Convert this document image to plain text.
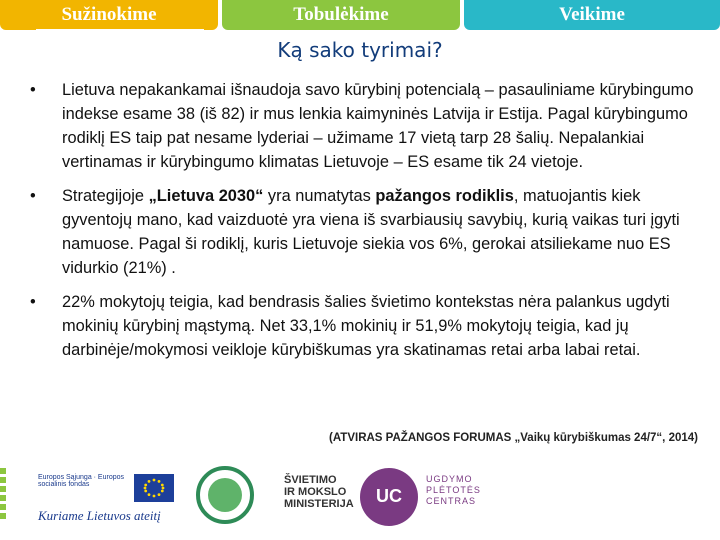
Sužinokime	Tobulėkime	Veikime
Ką sako tyrimai?
• Lietuva nepakankamai išnaudoja savo kūrybinį potencialą – pasauliniame kūrybingumo indekse esame 38 (iš 82) ir mus lenkia kaimyninės Latvija ir Estija. Pagal kūrybingumo rodiklį ES taip pat nesame lyderiai – užimame 17 vietą tarp 28 šalių. Nepalankiai vertinamas ir kūrybingumo klimatas Lietuvoje – ES esame tik 24 vietoje.
• Strategijoje „Lietuva 2030“ yra numatytas pažangos rodiklis, matuojantis kiek gyventojų mano, kad vaizduotė yra viena iš svarbiausių savybių, kurią vaikas turi įgyti namuose. Pagal ši rodiklį, kuris Lietuvoje siekia vos 6%, gerokai atsiliekame nuo ES vidurkio (21%) .
• 22% mokytojų teigia, kad bendrasis šalies švietimo kontekstas nėra palankus ugdyti mokinių kūrybinį mąstymą. Net 33,1% mokinių ir 51,9% mokytojų teigia, kad jų darbinėje/mokymosi veikloje kūrybiškumas yra skatinamas retai arba labai retai.
(ATVIRAS PAŽANGOS FORUMAS „Vaikų kūrybiškumas 24/7“, 2014)
Europos Sąjunga · Europos socialinis fondas
Kuriame Lietuvos ateitį
ŠVIETIMO
IR MOKSLO
MINISTERIJA	UC
UGDYMO
PLĖTOTĖS
CENTRAS
